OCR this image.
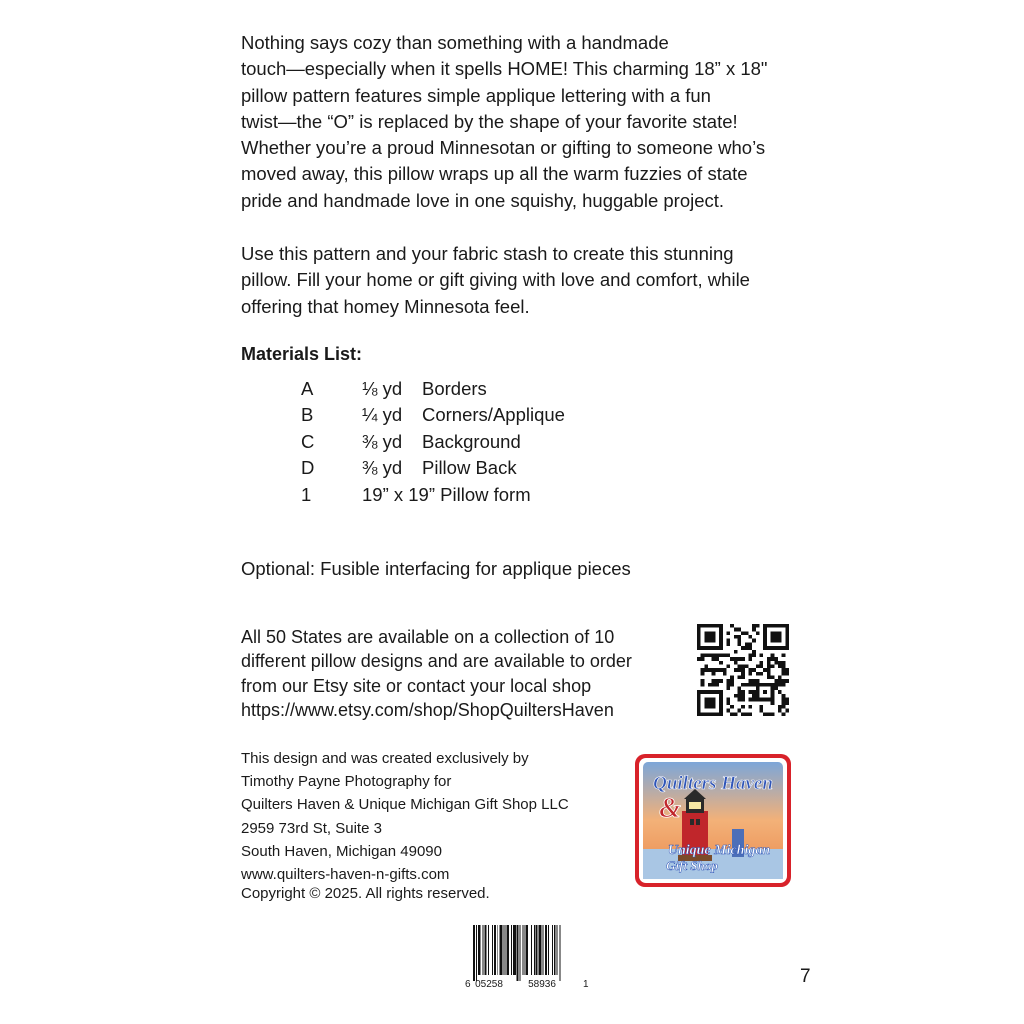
Nothing says cozy than something with a handmade
touch—especially when it spells HOME! This charming 18” x 18"
pillow pattern features simple applique lettering with a fun
twist—the “O” is replaced by the shape of your favorite state!
Whether you’re a proud Minnesotan or gifting to someone who’s
moved away, this pillow wraps up all the warm fuzzies of state
pride and handmade love in one squishy, huggable project.
Use this pattern and your fabric stash to create this stunning
pillow. Fill your home or gift giving with love and comfort, while
offering that homey Minnesota feel.

Materials List:

A	⅛ yd Borders
B	¼ yd Corners/Applique
C	⅜ yd Background
D	⅜ yd Pillow Back
1	19” x 19” Pillow form

Optional: Fusible interfacing for applique pieces

All 50 States are available on a collection of 10
different pillow designs and are available to order
from our Etsy site or contact your local shop
https://www.etsy.com/shop/ShopQuiltersHaven
This design and was created exclusively by
Timothy Payne Photography for
Quilters Haven & Unique Michigan Gift Shop LLC
2959 73rd St, Suite 3
South Haven, Michigan 49090
www.quilters-haven-n-gifts.com

Copyright © 2025. All rights reserved.

Quilters Haven
&
Unique Michigan
Gift Shop
6 05258	58936	1	7
